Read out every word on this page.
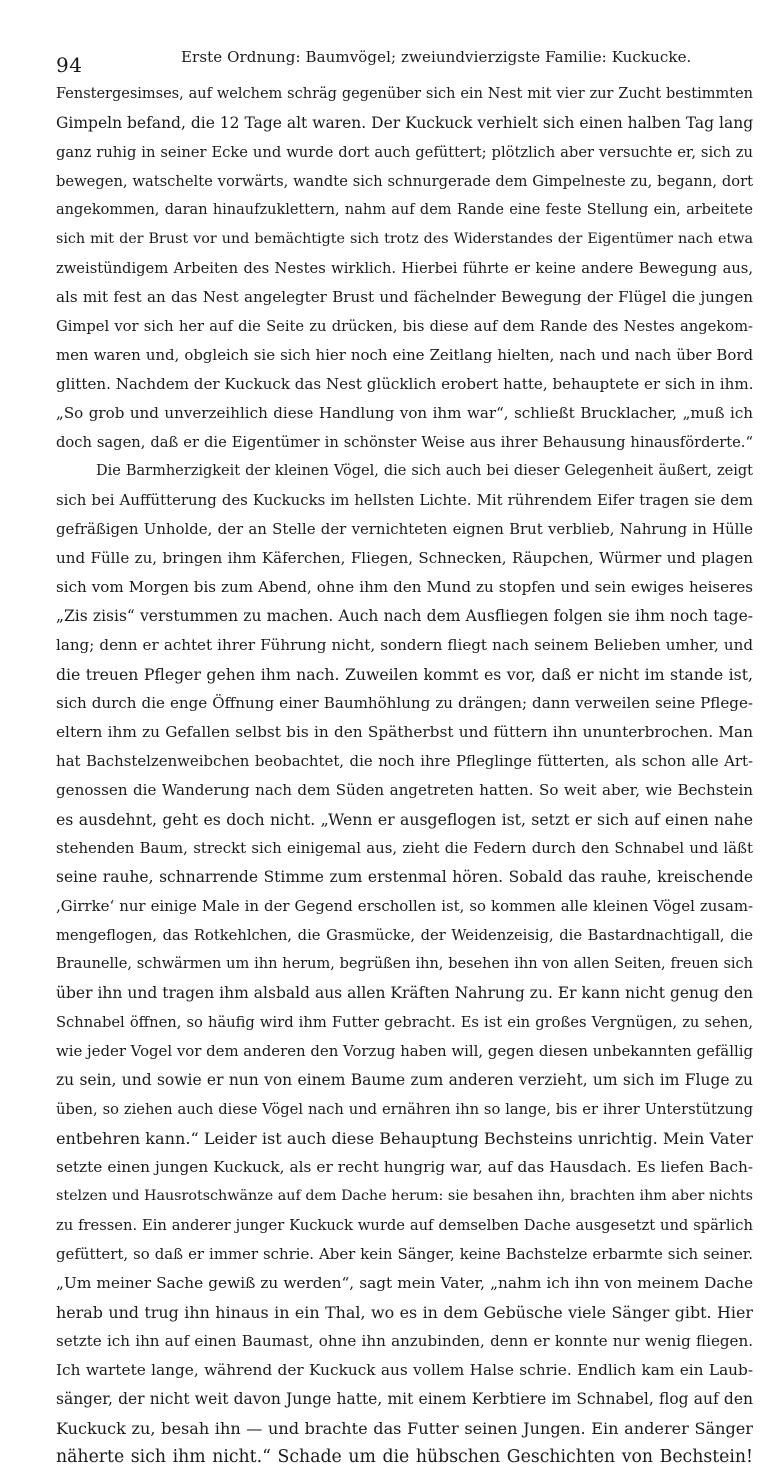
94	Erste Ordnung: Baumvögel; zweiundvierzigste Familie: Kuckucke.
Fenstergesimses, auf welchem schräg gegenüber sich ein Nest mit vier zur Zucht bestimmten
Gimpeln befand, die 12 Tage alt waren. Der Kuckuck verhielt sich einen halben Tag lang
ganz ruhig in seiner Ecke und wurde dort auch gefüttert; plötzlich aber versuchte er, sich zu
bewegen, watschelte vorwärts, wandte sich schnurgerade dem Gimpelneste zu, begann, dort
angekommen, daran hinaufzuklettern, nahm auf dem Rande eine feste Stellung ein, arbeitete
sich mit der Brust vor und bemächtigte sich trotz des Widerstandes der Eigentümer nach etwa
zweistündigem Arbeiten des Nestes wirklich. Hierbei führte er keine andere Bewegung aus,
als mit fest an das Nest angelegter Brust und fächelnder Bewegung der Flügel die jungen
Gimpel vor sich her auf die Seite zu drücken, bis diese auf dem Rande des Nestes angekom-
men waren und, obgleich sie sich hier noch eine Zeitlang hielten, nach und nach über Bord
glitten. Nachdem der Kuckuck das Nest glücklich erobert hatte, behauptete er sich in ihm.
„So grob und unverzeihlich diese Handlung von ihm war“, schließt Brucklacher, „muß ich
doch sagen, daß er die Eigentümer in schönster Weise aus ihrer Behausung hinausförderte.“
Die Barmherzigkeit der kleinen Vögel, die sich auch bei dieser Gelegenheit äußert, zeigt
sich bei Auffütterung des Kuckucks im hellsten Lichte. Mit rührendem Eifer tragen sie dem
gefräßigen Unholde, der an Stelle der vernichteten eignen Brut verblieb, Nahrung in Hülle
und Fülle zu, bringen ihm Käferchen, Fliegen, Schnecken, Räupchen, Würmer und plagen
sich vom Morgen bis zum Abend, ohne ihm den Mund zu stopfen und sein ewiges heiseres
„Zis zisis“ verstummen zu machen. Auch nach dem Ausfliegen folgen sie ihm noch tage-
lang; denn er achtet ihrer Führung nicht, sondern fliegt nach seinem Belieben umher, und
die treuen Pfleger gehen ihm nach. Zuweilen kommt es vor, daß er nicht im stande ist,
sich durch die enge Öffnung einer Baumhöhlung zu drängen; dann verweilen seine Pflege-
eltern ihm zu Gefallen selbst bis in den Spätherbst und füttern ihn ununterbrochen. Man
hat Bachstelzenweibchen beobachtet, die noch ihre Pfleglinge fütterten, als schon alle Art-
genossen die Wanderung nach dem Süden angetreten hatten. So weit aber, wie Bechstein
es ausdehnt, geht es doch nicht. „Wenn er ausgeflogen ist, setzt er sich auf einen nahe
stehenden Baum, streckt sich einigemal aus, zieht die Federn durch den Schnabel und läßt
seine rauhe, schnarrende Stimme zum erstenmal hören. Sobald das rauhe, kreischende
‚Girrke‘ nur einige Male in der Gegend erschollen ist, so kommen alle kleinen Vögel zusam-
mengeflogen, das Rotkehlchen, die Grasmücke, der Weidenzeisig, die Bastardnachtigall, die
Braunelle, schwärmen um ihn herum, begrüßen ihn, besehen ihn von allen Seiten, freuen sich
über ihn und tragen ihm alsbald aus allen Kräften Nahrung zu. Er kann nicht genug den
Schnabel öffnen, so häufig wird ihm Futter gebracht. Es ist ein großes Vergnügen, zu sehen,
wie jeder Vogel vor dem anderen den Vorzug haben will, gegen diesen unbekannten gefällig
zu sein, und sowie er nun von einem Baume zum anderen verzieht, um sich im Fluge zu
üben, so ziehen auch diese Vögel nach und ernähren ihn so lange, bis er ihrer Unterstützung
entbehren kann.“ Leider ist auch diese Behauptung Bechsteins unrichtig. Mein Vater
setzte einen jungen Kuckuck, als er recht hungrig war, auf das Hausdach. Es liefen Bach-
stelzen und Hausrotschwänze auf dem Dache herum: sie besahen ihn, brachten ihm aber nichts
zu fressen. Ein anderer junger Kuckuck wurde auf demselben Dache ausgesetzt und spärlich
gefüttert, so daß er immer schrie. Aber kein Sänger, keine Bachstelze erbarmte sich seiner.
„Um meiner Sache gewiß zu werden“, sagt mein Vater, „nahm ich ihn von meinem Dache
herab und trug ihn hinaus in ein Thal, wo es in dem Gebüsche viele Sänger gibt. Hier
setzte ich ihn auf einen Baumast, ohne ihn anzubinden, denn er konnte nur wenig fliegen.
Ich wartete lange, während der Kuckuck aus vollem Halse schrie. Endlich kam ein Laub-
sänger, der nicht weit davon Junge hatte, mit einem Kerbtiere im Schnabel, flog auf den
Kuckuck zu, besah ihn — und brachte das Futter seinen Jungen. Ein anderer Sänger
näherte sich ihm nicht.“ Schade um die hübschen Geschichten von Bechstein!
